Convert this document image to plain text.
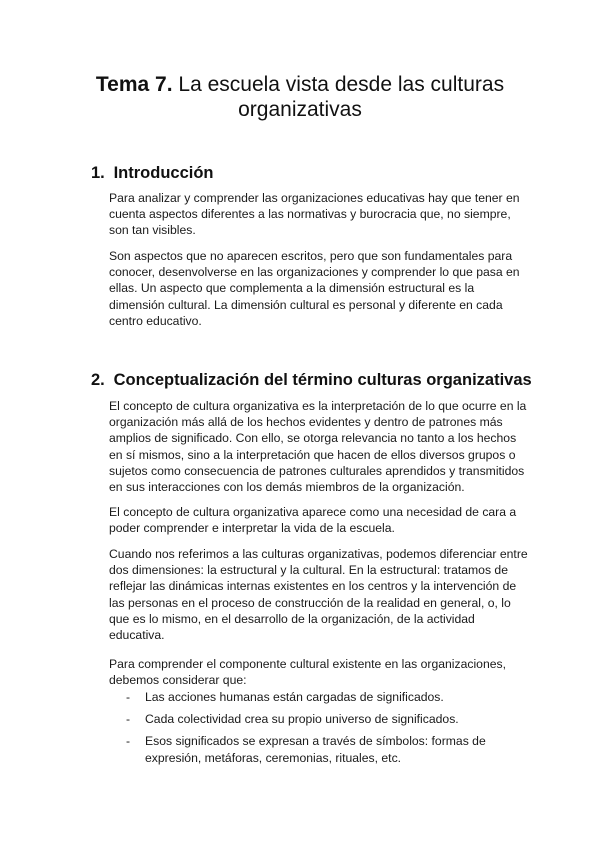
Tema 7. La escuela vista desde las culturas organizativas
1. Introducción

Para analizar y comprender las organizaciones educativas hay que tener en cuenta aspectos diferentes a las normativas y burocracia que, no siempre, son tan visibles.

Son aspectos que no aparecen escritos, pero que son fundamentales para conocer, desenvolverse en las organizaciones y comprender lo que pasa en ellas. Un aspecto que complementa a la dimensión estructural es la dimensión cultural. La dimensión cultural es personal y diferente en cada centro educativo.

2. Conceptualización del término culturas organizativas

El concepto de cultura organizativa es la interpretación de lo que ocurre en la organización más allá de los hechos evidentes y dentro de patrones más amplios de significado. Con ello, se otorga relevancia no tanto a los hechos en sí mismos, sino a la interpretación que hacen de ellos diversos grupos o sujetos como consecuencia de patrones culturales aprendidos y transmitidos en sus interacciones con los demás miembros de la organización.

El concepto de cultura organizativa aparece como una necesidad de cara a poder comprender e interpretar la vida de la escuela.

Cuando nos referimos a las culturas organizativas, podemos diferenciar entre dos dimensiones: la estructural y la cultural. En la estructural: tratamos de reflejar las dinámicas internas existentes en los centros y la intervención de las personas en el proceso de construcción de la realidad en general, o, lo que es lo mismo, en el desarrollo de la organización, de la actividad educativa.

Para comprender el componente cultural existente en las organizaciones, debemos considerar que:

- Las acciones humanas están cargadas de significados.
- Cada colectividad crea su propio universo de significados.
- Esos significados se expresan a través de símbolos: formas de expresión, metáforas, ceremonias, rituales, etc.
